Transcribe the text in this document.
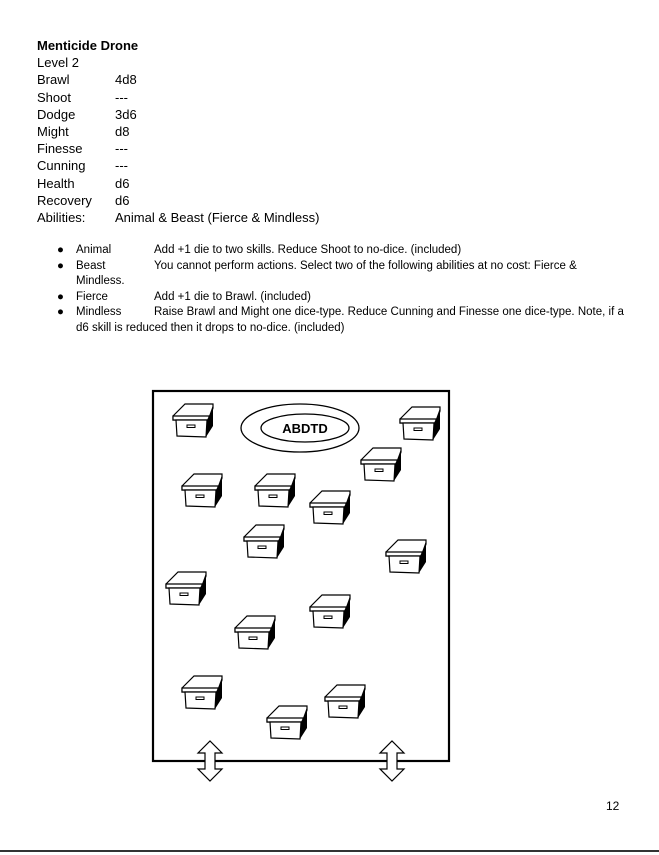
Menticide Drone
Level 2
Brawl	4d8
Shoot	---
Dodge	3d6
Might	d8
Finesse	---
Cunning	---
Health	d6
Recovery	d6
Abilities:	Animal & Beast (Fierce & Mindless)
● Animal	Add +1 die to two skills. Reduce Shoot to no-dice. (included)
● Beast	You cannot perform actions. Select two of the following abilities at no cost: Fierce & Mindless.
● Fierce	Add +1 die to Brawl. (included)
● Mindless	Raise Brawl and Might one dice-type. Reduce Cunning and Finesse one dice-type. Note, if a d6 skill is reduced then it drops to no-dice. (included)
ABDTD
12
